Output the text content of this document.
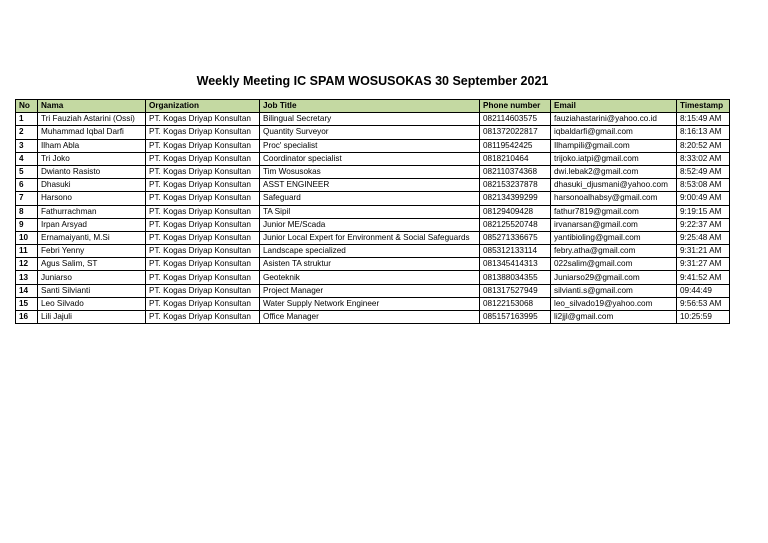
Weekly Meeting IC SPAM WOSUSOKAS 30 September 2021
No	Nama	Organization	Job Title	Phone number	Email	Timestamp
1	Tri Fauziah Astarini (Ossi)	PT. Kogas Driyap Konsultan	Bilingual Secretary	082114603575	fauziahastarini@yahoo.co.id	8:15:49 AM
2	Muhammad Iqbal Darfi	PT. Kogas Driyap Konsultan	Quantity Surveyor	081372022817	iqbaldarfi@gmail.com	8:16:13 AM
3	Ilham Abla	PT. Kogas Driyap Konsultan	Proc' specialist	08119542425	Ilhampili@gmail.com	8:20:52 AM
4	Tri Joko	PT. Kogas Driyap Konsultan	Coordinator specialist	0818210464	trijoko.iatpi@gmail.com	8:33:02 AM
5	Dwianto Rasisto	PT. Kogas Driyap Konsultan	Tim Wosusokas	082110374368	dwi.lebak2@gmail.com	8:52:49 AM
6	Dhasuki	PT. Kogas Driyap Konsultan	ASST ENGINEER	082153237878	dhasuki_djusmani@yahoo.com	8:53:08 AM
7	Harsono	PT. Kogas Driyap Konsultan	Safeguard	082134399299	harsonoalhabsy@gmail.com	9:00:49 AM
8	Fathurrachman	PT. Kogas Driyap Konsultan	TA Sipil	08129409428	fathur7819@gmail.com	9:19:15 AM
9	Irpan Arsyad	PT. Kogas Driyap Konsultan	Junior ME/Scada	082125520748	irvanarsan@gmail.com	9:22:37 AM
10	Ernamaiyanti, M.Si	PT. Kogas Driyap Konsultan	Junior Local Expert for Environment & Social Safeguards	085271336675	yantibioling@gmail.com	9:25:48 AM
11	Febri Yenny	PT. Kogas Driyap Konsultan	Landscape specialized	085312133114	febry.atha@gmail.com	9:31:21 AM
12	Agus Salim, ST	PT. Kogas Driyap Konsultan	Asisten TA struktur	081345414313	022salim@gmail.com	9:31:27 AM
13	Juniarso	PT. Kogas Driyap Konsultan	Geoteknik	081388034355	Juniarso29@gmail.com	9:41:52 AM
14	Santi Silvianti	PT. Kogas Driyap Konsultan	Project Manager	081317527949	silvianti.s@gmail.com	09:44:49
15	Leo Silvado	PT. Kogas Driyap Konsultan	Water Supply Network Engineer	08122153068	leo_silvado19@yahoo.com	9:56:53 AM
16	Lili Jajuli	PT. Kogas Driyap Konsultan	Office Manager	085157163995	li2jjl@gmail.com	10:25:59
